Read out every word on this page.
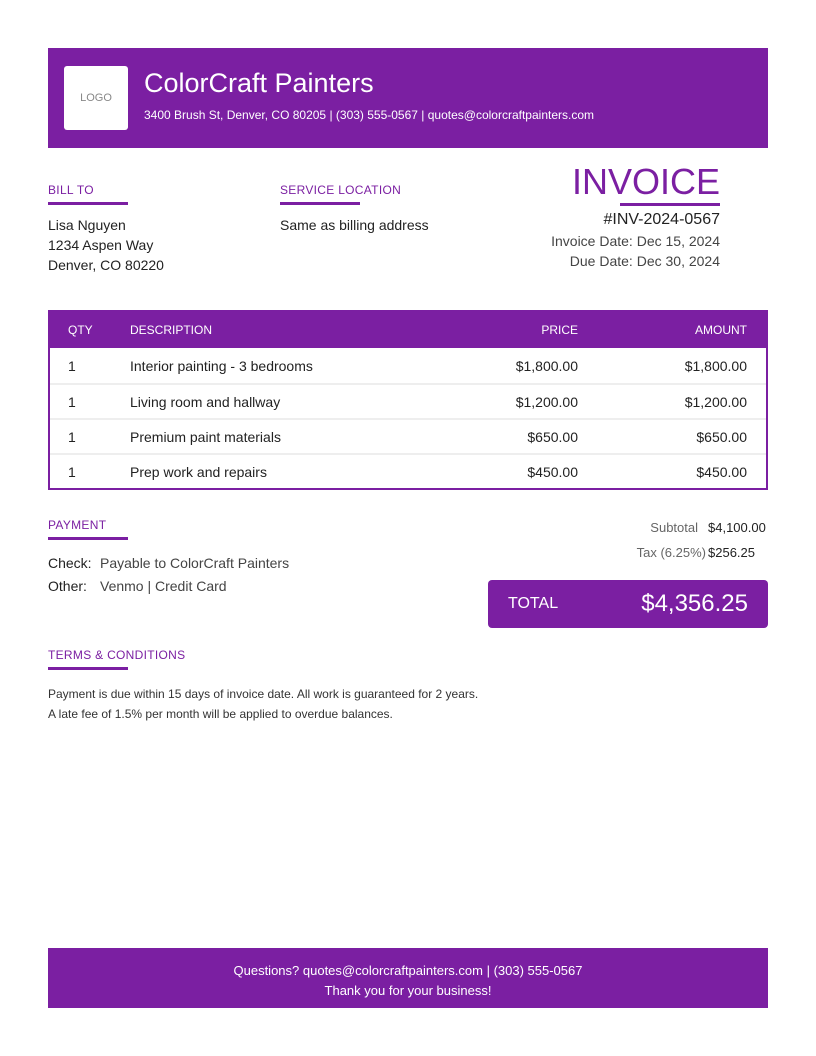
LOGO ColorCraft Painters
3400 Brush St, Denver, CO 80205 | (303) 555-0567 | quotes@colorcraftpainters.com
BILL TO
Lisa Nguyen
1234 Aspen Way
Denver, CO 80220
SERVICE LOCATION
Same as billing address
INVOICE
#INV-2024-0567
Invoice Date: Dec 15, 2024
Due Date: Dec 30, 2024
QTY	DESCRIPTION	PRICE	AMOUNT
1	Interior painting - 3 bedrooms	$1,800.00	$1,800.00
1	Living room and hallway	$1,200.00	$1,200.00
1	Premium paint materials	$650.00	$650.00
1	Prep work and repairs	$450.00	$450.00
PAYMENT
Check: Payable to ColorCraft Painters
Other: Venmo | Credit Card
Subtotal $4,100.00
Tax (6.25%) $256.25
TOTAL	$4,356.25
TERMS & CONDITIONS
Payment is due within 15 days of invoice date. All work is guaranteed for 2 years.
A late fee of 1.5% per month will be applied to overdue balances.
Questions? quotes@colorcraftpainters.com | (303) 555-0567
Thank you for your business!
